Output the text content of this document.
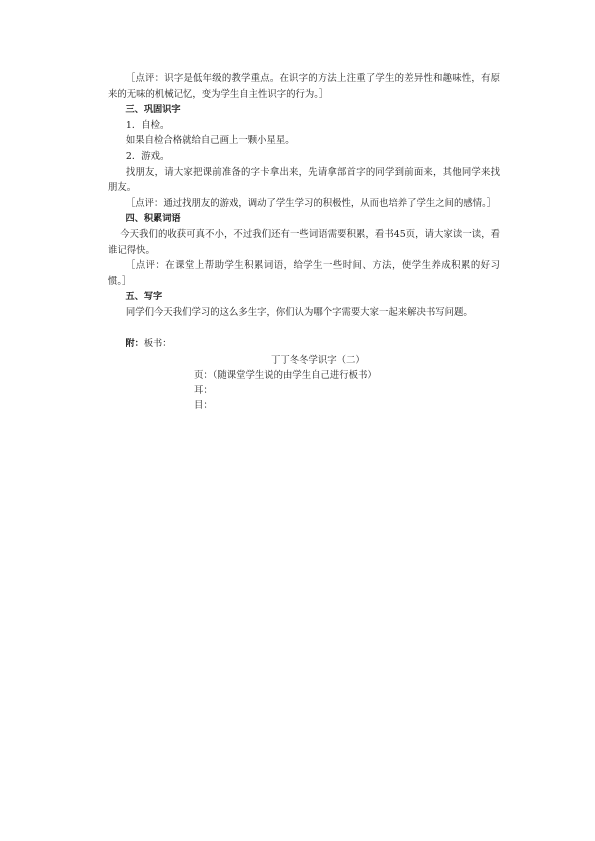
［点评：识字是低年级的教学重点。在识字的方法上注重了学生的差异性和趣味性，有原来的无味的机械记忆，变为学生自主性识字的行为。］

三、巩固识字

1．自检。

如果自检合格就给自己画上一颗小星星。

2．游戏。

找朋友，请大家把课前准备的字卡拿出来，先请拿部首字的同学到前面来，其他同学来找朋友。

［点评：通过找朋友的游戏，调动了学生学习的积极性，从而也培养了学生之间的感情。］

四、积累词语

今天我们的收获可真不小，不过我们还有一些词语需要积累，看书45页，请大家读一读，看谁记得快。

［点评：在课堂上帮助学生积累词语，给学生一些时间、方法，使学生养成积累的好习惯。］

五、写字

同学们今天我们学习的这么多生字，你们认为哪个字需要大家一起来解决书写问题。

附：板书：
丁丁冬冬学识字（二）
页：（随课堂学生说的由学生自己进行板书）
耳：
目：
